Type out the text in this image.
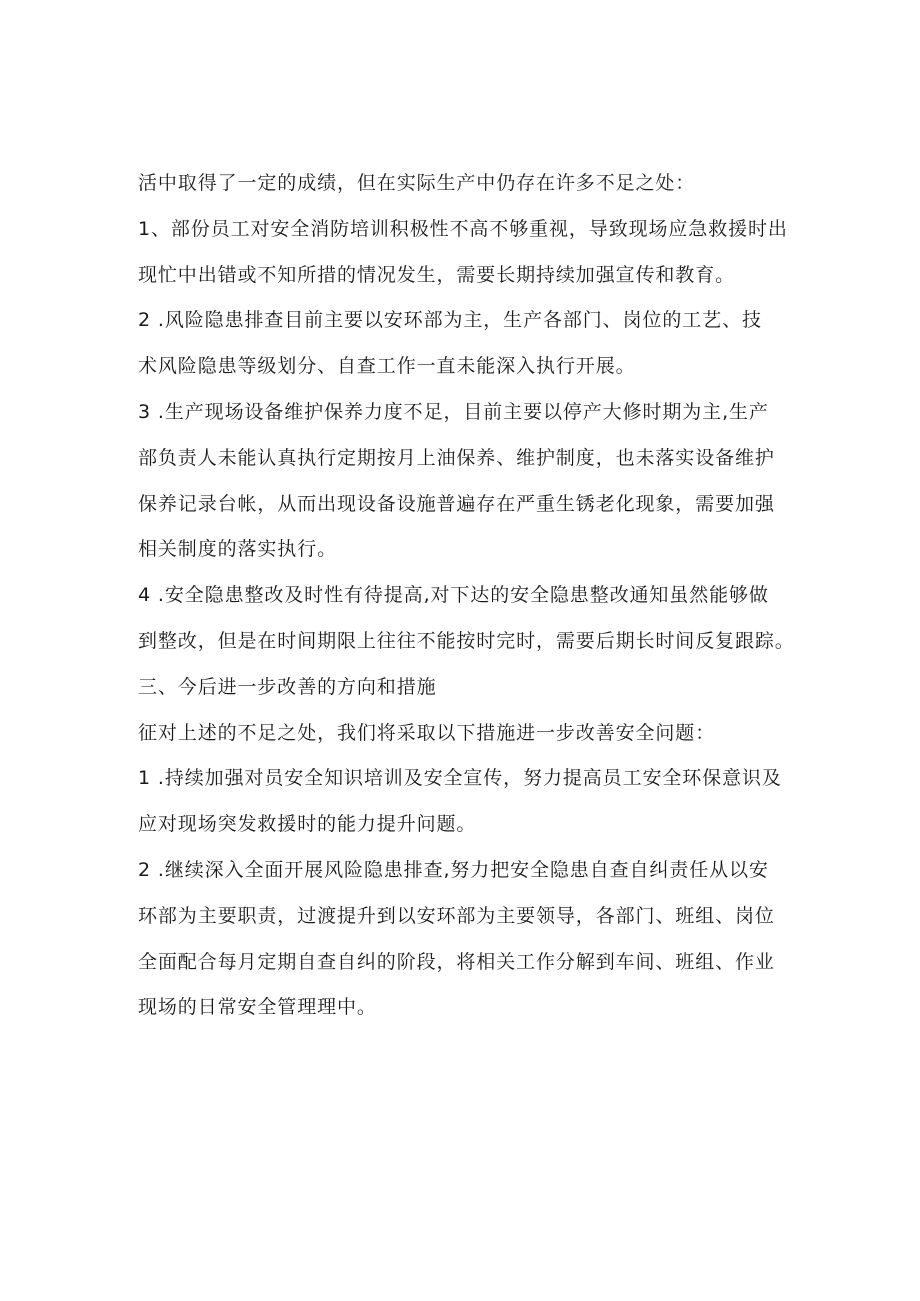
活中取得了一定的成绩，但在实际生产中仍存在许多不足之处：

1、部份员工对安全消防培训积极性不高不够重视，导致现场应急救援时出

现忙中出错或不知所措的情况发生，需要长期持续加强宣传和教育。

2 .风险隐患排查目前主要以安环部为主，生产各部门、岗位的工艺、技

术风险隐患等级划分、自查工作一直未能深入执行开展。

3 .生产现场设备维护保养力度不足，目前主要以停产大修时期为主,生产

部负责人未能认真执行定期按月上油保养、维护制度，也未落实设备维护

保养记录台帐，从而出现设备设施普遍存在严重生锈老化现象，需要加强

相关制度的落实执行。

4 .安全隐患整改及时性有待提高,对下达的安全隐患整改通知虽然能够做

到整改，但是在时间期限上往往不能按时完时，需要后期长时间反复跟踪。

三、今后进一步改善的方向和措施

征对上述的不足之处，我们将采取以下措施进一步改善安全问题：

1 .持续加强对员安全知识培训及安全宣传，努力提高员工安全环保意识及

应对现场突发救援时的能力提升问题。

2 .继续深入全面开展风险隐患排查,努力把安全隐患自查自纠责任从以安

环部为主要职责，过渡提升到以安环部为主要领导，各部门、班组、岗位

全面配合每月定期自查自纠的阶段，将相关工作分解到车间、班组、作业

现场的日常安全管理理中。
